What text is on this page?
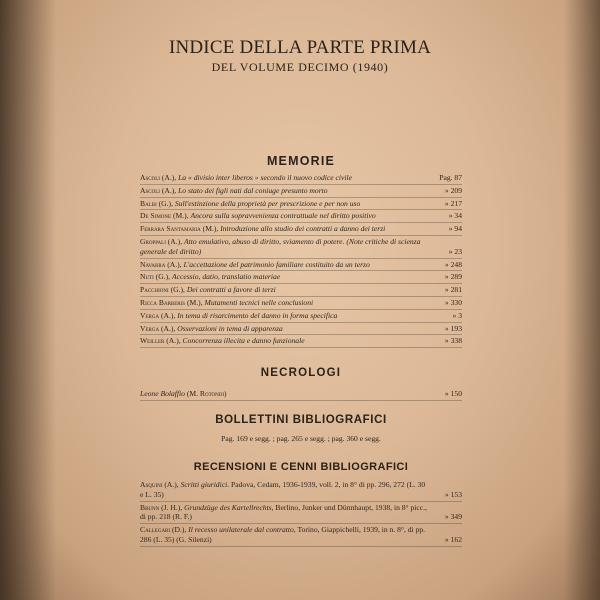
INDICE DELLA PARTE PRIMA
DEL VOLUME DECIMO (1940)
MEMORIE
Ascoli (A.), La « divisio inter liberos » secondo il nuovo codice civile	Pag. 87
Ascoli (A.), Lo stato dei figli nati dal coniuge presunto morto	» 209
Balbi (G.), Sull'estinzione della proprietà per prescrizione e per non uso	» 217
De Simone (M.), Ancora sulla sopravvenienza contrattuale nel diritto positivo	» 34
Ferrara Santamaria (M.), Introduzione allo studio dei contratti a danno dei terzi	» 94
Groppali (A.), Atto emulativo, abuso di diritto, sviamento di potere. (Note critiche di scienza generale del diritto)	» 23
Navarra (A.), L'accettazione del patrimonio familiare costituito da un terzo	» 248
Nuti (G.), Accessio, datio, translatio materiae	» 289
Pacchioni (G.), Dei contratti a favore di terzi	» 281
Ricca Barberis (M.), Mutamenti tecnici nelle conclusioni	» 330
Verga (A.), In tema di risarcimento del danno in forma specifica	» 3
Verga (A.), Osservazioni in tema di apparenza	» 193
Weiller (A.), Concorrenza illecita e danno funzionale	» 338
NECROLOGI
Leone Bolaffio (M. Rotondi)	» 150
BOLLETTINI BIBLIOGRAFICI
Pag. 169 e segg. ; pag. 265 e segg. ; pag. 360 e segg.
RECENSIONI E CENNI BIBLIOGRAFICI
Asquini (A.), Scritti giuridici. Padova, Cedam, 1936-1939, voll. 2, in 8° di pp. 296, 272 (L. 30 e L. 35)	» 153
Brunn (J. H.), Grundzüge des Kartellrechts, Berlino, Junker und Dünnhaupt, 1938, in 8° picc., di pp. 218 (R. F.)	» 349
Callegari (D.), Il recesso unilaterale dal contratto, Torino, Giappichelli, 1939, in n. 8°, di pp. 286 (L. 35) (G. Silenzi)	» 162
